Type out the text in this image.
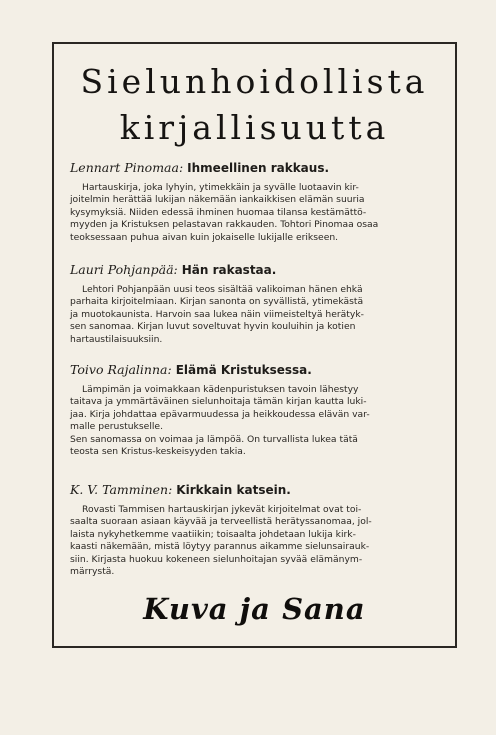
Sielunhoidollista
kirjallisuutta
Lennart Pinomaa: Ihmeellinen rakkaus.
Hartauskirja, joka lyhyin, ytimekkäin ja syvälle luotaavin kir-
joitelmin herättää lukijan näkemään iankaikkisen elämän suuria
kysymyksiä. Niiden edessä ihminen huomaa tilansa kestämättö-
myyden ja Kristuksen pelastavan rakkauden. Tohtori Pinomaa osaa
teoksessaan puhua aivan kuin jokaiselle lukijalle erikseen.
Lauri Pohjanpää: Hän rakastaa.
Lehtori Pohjanpään uusi teos sisältää valikoiman hänen ehkä
parhaita kirjoitelmiaan. Kirjan sanonta on syvällistä, ytimekästä
ja muotokaunista. Harvoin saa lukea näin viimeisteltyä herätyk-
sen sanomaa. Kirjan luvut soveltuvat hyvin kouluihin ja kotien
hartaustilaisuuksiin.
Toivo Rajalinna: Elämä Kristuksessa.
Lämpimän ja voimakkaan kädenpuristuksen tavoin lähestyy
taitava ja ymmärtäväinen sielunhoitaja tämän kirjan kautta luki-
jaa. Kirja johdattaa epävarmuudessa ja heikkoudessa elävän var-
malle perustukselle.
Sen sanomassa on voimaa ja lämpöä. On turvallista lukea tätä
teosta sen Kristus-keskeisyyden takia.
K. V. Tamminen: Kirkkain katsein.
Rovasti Tammisen hartauskirjan jykevät kirjoitelmat ovat toi-
saalta suoraan asiaan käyvää ja terveellistä herätyssanomaa, jol-
laista nykyhetkemme vaatiikin; toisaalta johdetaan lukija kirk-
kaasti näkemään, mistä löytyy parannus aikamme sielunsairauk-
siin. Kirjasta huokuu kokeneen sielunhoitajan syvää elämänym-
märrystä.
Kuva ja Sana
